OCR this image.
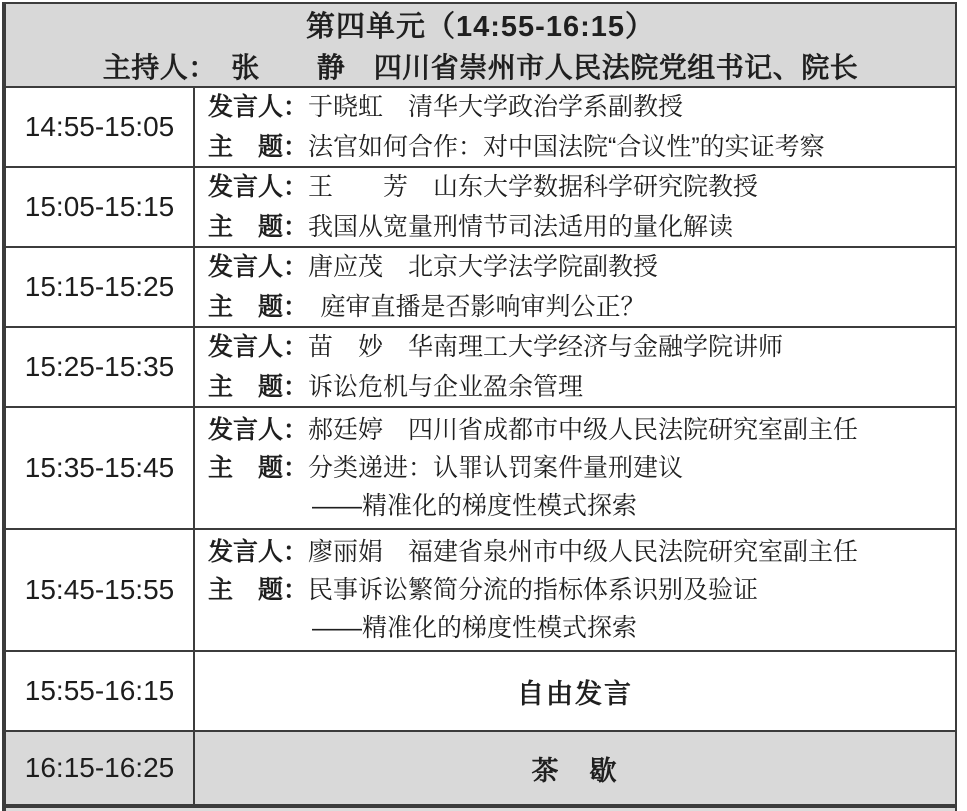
第四单元（14:55-16:15）
主持人：　张　　静　四川省崇州市人民法院党组书记、院长
14:55-15:05
发言人：于晓虹　清华大学政治学系副教授
主　题：法官如何合作：对中国法院“合议性”的实证考察
15:05-15:15
发言人：王　　芳　山东大学数据科学研究院教授
主　题：我国从宽量刑情节司法适用的量化解读
15:15-15:25
发言人：唐应茂　北京大学法学院副教授
主　题：　庭审直播是否影响审判公正？
15:25-15:35
发言人：苗　妙　华南理工大学经济与金融学院讲师
主　题：诉讼危机与企业盈余管理
15:35-15:45
发言人：郝廷婷　四川省成都市中级人民法院研究室副主任
主　题：分类递进：认罪认罚案件量刑建议
——精准化的梯度性模式探索
15:45-15:55
发言人：廖丽娟　福建省泉州市中级人民法院研究室副主任
主　题：民事诉讼繁简分流的指标体系识别及验证
——精准化的梯度性模式探索
15:55-16:15	自由发言
16:15-16:25	茶　歇
